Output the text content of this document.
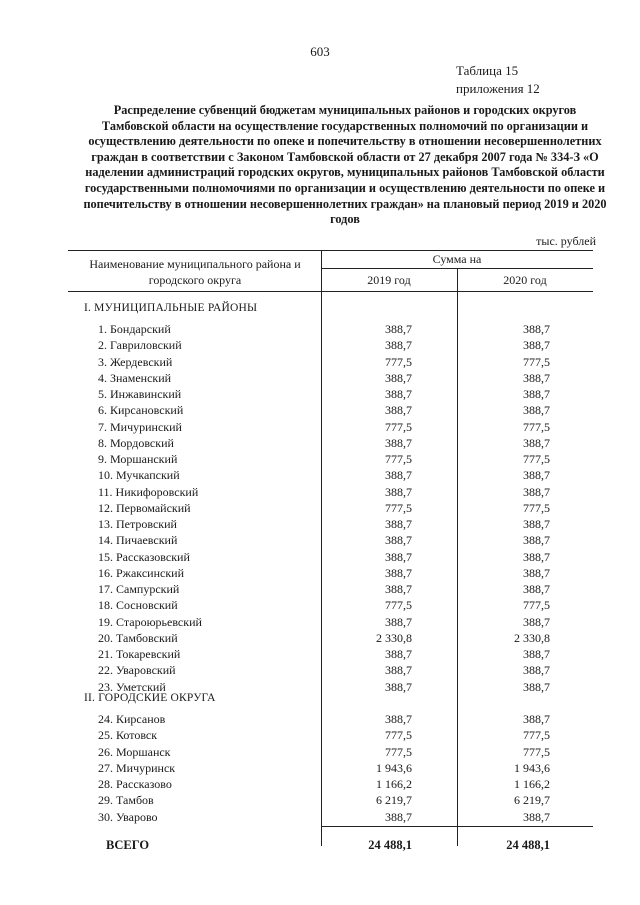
603
Таблица 15
приложения 12
Распределение субвенций бюджетам муниципальных районов и городских округов Тамбовской области на осуществление государственных полномочий по организации и осуществлению деятельности по опеке и попечительству в отношении несовершеннолетних граждан в соответствии с Законом Тамбовской области от 27 декабря 2007 года № 334-З «О наделении администраций городских округов, муниципальных районов Тамбовской области государственными полномочиями по организации и осуществлению деятельности по опеке и попечительству в отношении несовершеннолетних граждан» на плановый период 2019 и 2020 годов
тыс. рублей
Наименование муниципального района и городского округа
Сумма на
2019 год	2020 год
I. МУНИЦИПАЛЬНЫЕ РАЙОНЫ
1. Бондарский	388,7	388,7
2. Гавриловский	388,7	388,7
3. Жердевский	777,5	777,5
4. Знаменский	388,7	388,7
5. Инжавинский	388,7	388,7
6. Кирсановский	388,7	388,7
7. Мичуринский	777,5	777,5
8. Мордовский	388,7	388,7
9. Моршанский	777,5	777,5
10. Мучкапский	388,7	388,7
11. Никифоровский	388,7	388,7
12. Первомайский	777,5	777,5
13. Петровский	388,7	388,7
14. Пичаевский	388,7	388,7
15. Рассказовский	388,7	388,7
16. Ржаксинский	388,7	388,7
17. Сампурский	388,7	388,7
18. Сосновский	777,5	777,5
19. Староюрьевский	388,7	388,7
20. Тамбовский	2 330,8	2 330,8
21. Токаревский	388,7	388,7
22. Уваровский	388,7	388,7
23. Уметский	388,7	388,7
II. ГОРОДСКИЕ ОКРУГА
24. Кирсанов	388,7	388,7
25. Котовск	777,5	777,5
26. Моршанск	777,5	777,5
27. Мичуринск	1 943,6	1 943,6
28. Рассказово	1 166,2	1 166,2
29. Тамбов	6 219,7	6 219,7
30. Уварово	388,7	388,7
ВСЕГО	24 488,1	24 488,1
